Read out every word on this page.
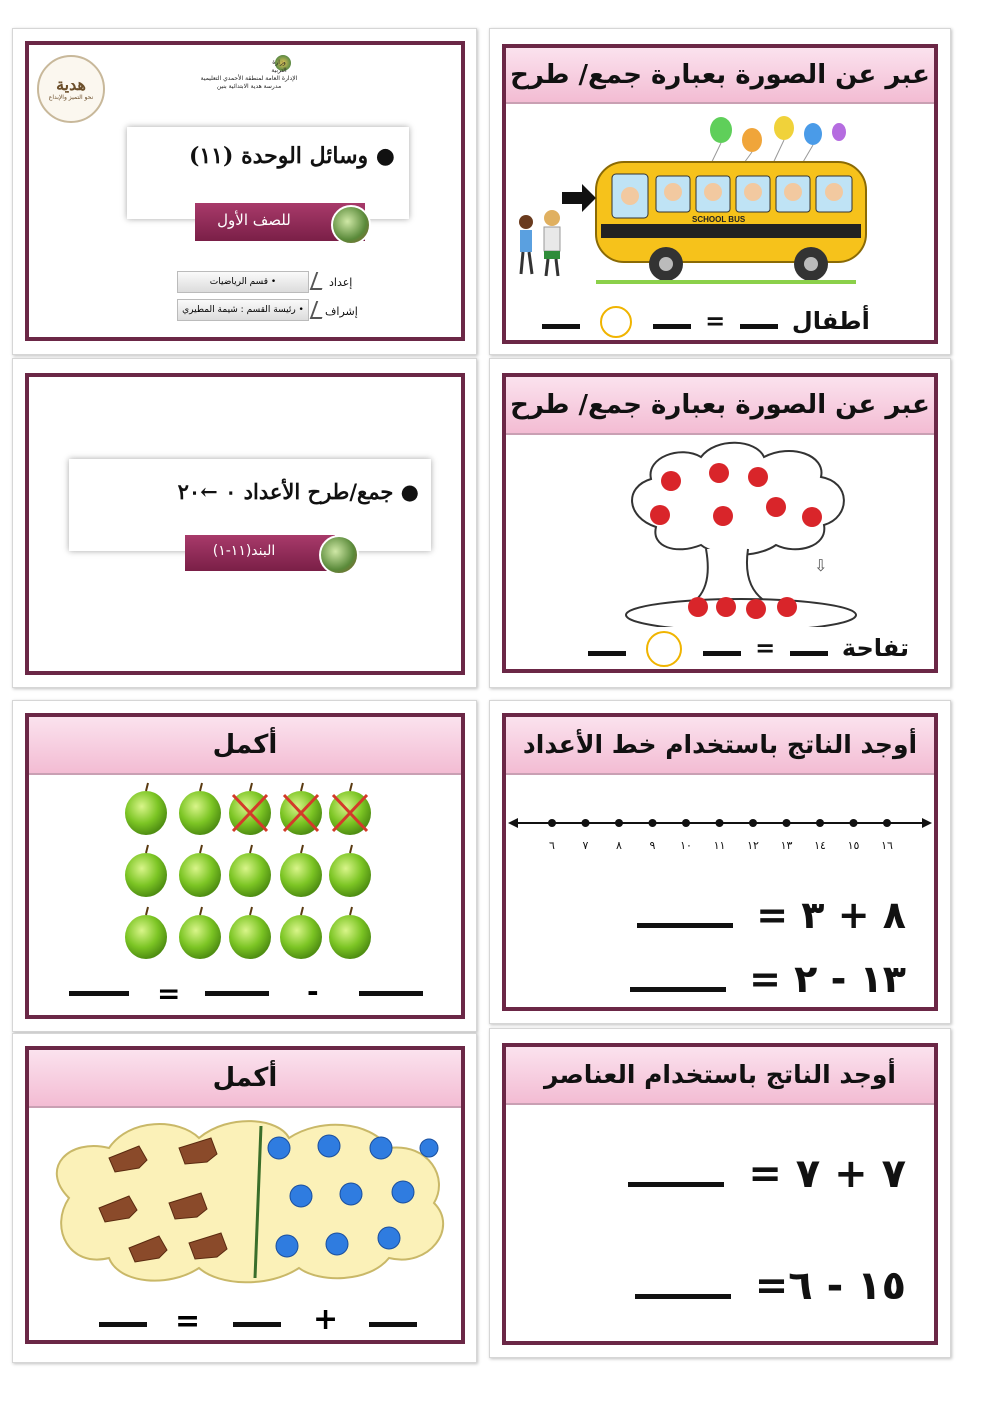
هدية
نحو التميز والإبداع
وزارة
التربية
الإدارة العامة لمنطقة الأحمدي التعليمية
مدرسة هدية الابتدائية بنين
● وسائل الوحدة (١١)
للصف الأول
إعداد
• قسم الرياضيات
إشراف
• رئيسة القسم : شيمة المطيري
عبر عن الصورة بعبارة جمع/ طرح
SCHOOL BUS
أطفال  =
● جمع/طرح الأعداد ٠ ←٢٠
البند(١١-١)
عبر عن الصورة بعبارة جمع/ طرح
⇩
تفاحة  =
أكمل
=	-
أوجد الناتج باستخدام خط الأعداد
٦	٧	٨	٩ ١٠ ١١ ١٢ ١٣ ١٤ ١٥ ١٦
٨ + ٣ =
١٣ - ٢ =
أكمل
=	+
أوجد الناتج باستخدام العناصر
٧ + ٧ =
١٥ - ٦=
